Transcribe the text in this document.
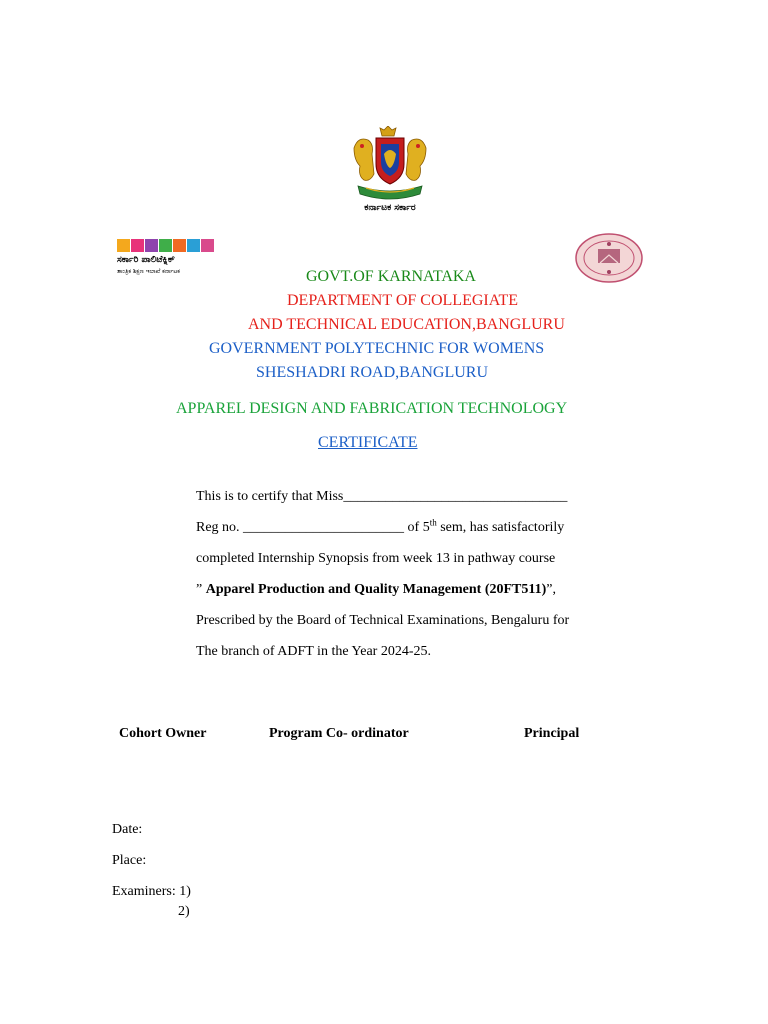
ಕರ್ನಾಟಕ ಸರ್ಕಾರ
ಸರ್ಕಾರಿ ಪಾಲಿಟೆಕ್ನಿಕ್
ತಾಂತ್ರಿಕ ಶಿಕ್ಷಣ ಇಲಾಖೆ ಕರ್ನಾಟಕ	GOVT.OF KARNATAKA
DEPARTMENT OF COLLEGIATE
AND TECHNICAL EDUCATION,BANGLURU
GOVERNMENT POLYTECHNIC FOR WOMENS
SHESHADRI ROAD,BANGLURU
APPAREL DESIGN AND FABRICATION TECHNOLOGY
CERTIFICATE
This is to certify that Miss________________________________
Reg no. _______________________ of 5th sem, has satisfactorily
completed Internship Synopsis from week 13 in pathway course
” Apparel Production and Quality Management (20FT511)”,
Prescribed by the Board of Technical Examinations, Bengaluru for
The branch of ADFT in the Year 2024-25.
Cohort Owner	Program Co- ordinator	Principal
Date:
Place:
Examiners: 1)
2)
